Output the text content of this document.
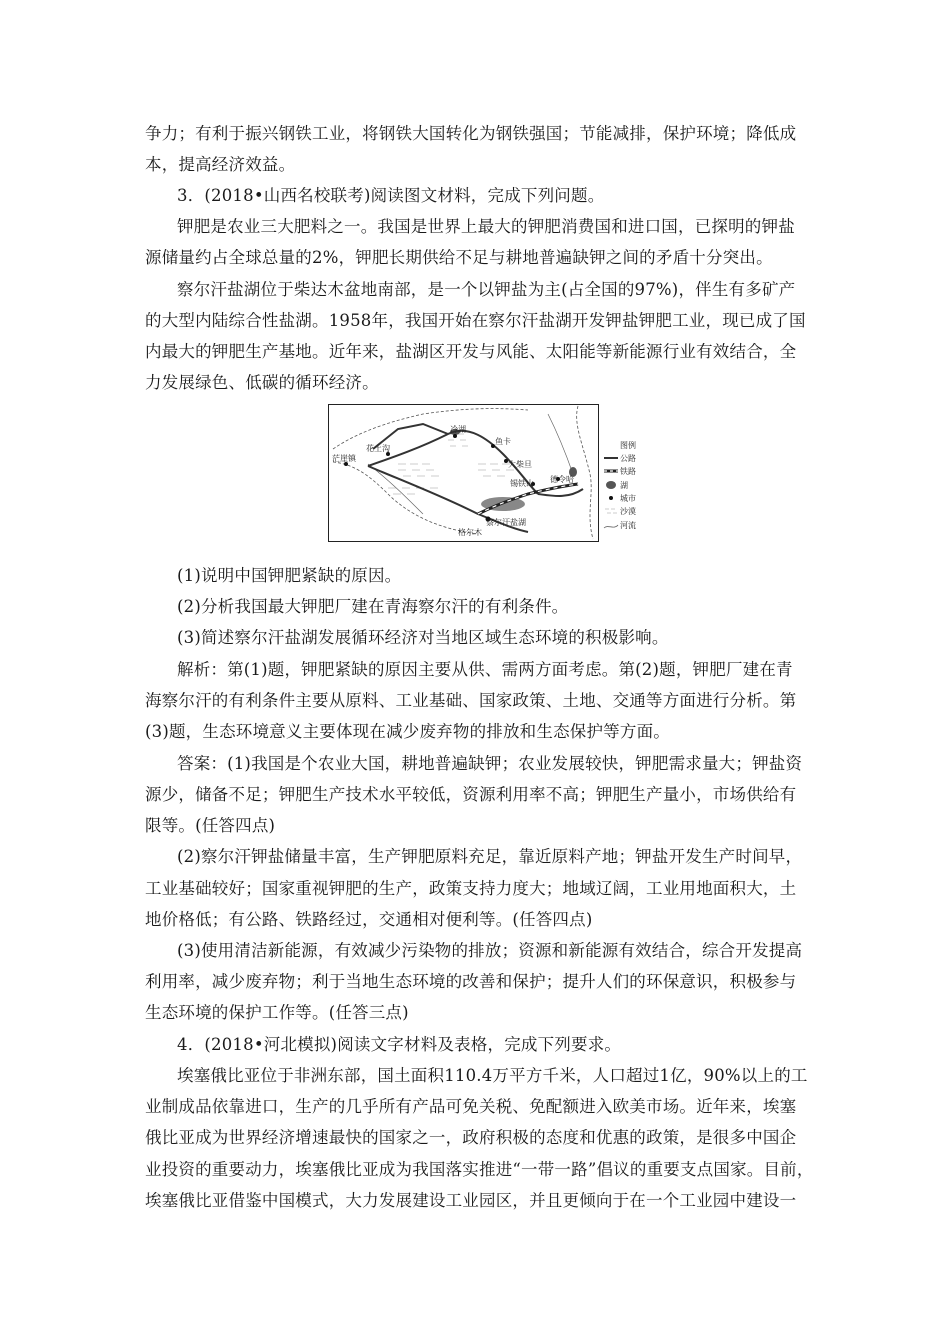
争力；有利于振兴钢铁工业，将钢铁大国转化为钢铁强国；节能减排，保护环境；降低成
本，提高经济效益。
3．(2018•山西名校联考)阅读图文材料，完成下列问题。
钾肥是农业三大肥料之一。我国是世界上最大的钾肥消费国和进口国，已探明的钾盐
源储量约占全球总量的2%，钾肥长期供给不足与耕地普遍缺钾之间的矛盾十分突出。
察尔汗盐湖位于柴达木盆地南部，是一个以钾盐为主(占全国的97%)，伴生有多矿产
的大型内陆综合性盐湖。1958年，我国开始在察尔汗盐湖开发钾盐钾肥工业，现已成了国
内最大的钾肥生产基地。近年来，盐湖区开发与风能、太阳能等新能源行业有效结合，全
力发展绿色、低碳的循环经济。
冷湖
花土沟
茫崖镇
鱼卡
大柴旦
锡铁山 德令哈
察尔汗盐湖
格尔木
图例
公路
铁路
湖
城市
沙漠
河流
(1)说明中国钾肥紧缺的原因。
(2)分析我国最大钾肥厂建在青海察尔汗的有利条件。
(3)简述察尔汗盐湖发展循环经济对当地区域生态环境的积极影响。
解析：第(1)题，钾肥紧缺的原因主要从供、需两方面考虑。第(2)题，钾肥厂建在青
海察尔汗的有利条件主要从原料、工业基础、国家政策、土地、交通等方面进行分析。第
(3)题，生态环境意义主要体现在减少废弃物的排放和生态保护等方面。
答案：(1)我国是个农业大国，耕地普遍缺钾；农业发展较快，钾肥需求量大；钾盐资
源少，储备不足；钾肥生产技术水平较低，资源利用率不高；钾肥生产量小，市场供给有
限等。(任答四点)
(2)察尔汗钾盐储量丰富，生产钾肥原料充足，靠近原料产地；钾盐开发生产时间早，
工业基础较好；国家重视钾肥的生产，政策支持力度大；地域辽阔，工业用地面积大，土
地价格低；有公路、铁路经过，交通相对便利等。(任答四点)
(3)使用清洁新能源，有效减少污染物的排放；资源和新能源有效结合，综合开发提高
利用率，减少废弃物；利于当地生态环境的改善和保护；提升人们的环保意识，积极参与
生态环境的保护工作等。(任答三点)
4．(2018•河北模拟)阅读文字材料及表格，完成下列要求。
埃塞俄比亚位于非洲东部，国土面积110.4万平方千米，人口超过1亿，90%以上的工
业制成品依靠进口，生产的几乎所有产品可免关税、免配额进入欧美市场。近年来，埃塞
俄比亚成为世界经济增速最快的国家之一，政府积极的态度和优惠的政策，是很多中国企
业投资的重要动力，埃塞俄比亚成为我国落实推进“一带一路”倡议的重要支点国家。目前，
埃塞俄比亚借鉴中国模式，大力发展建设工业园区，并且更倾向于在一个工业园中建设一
